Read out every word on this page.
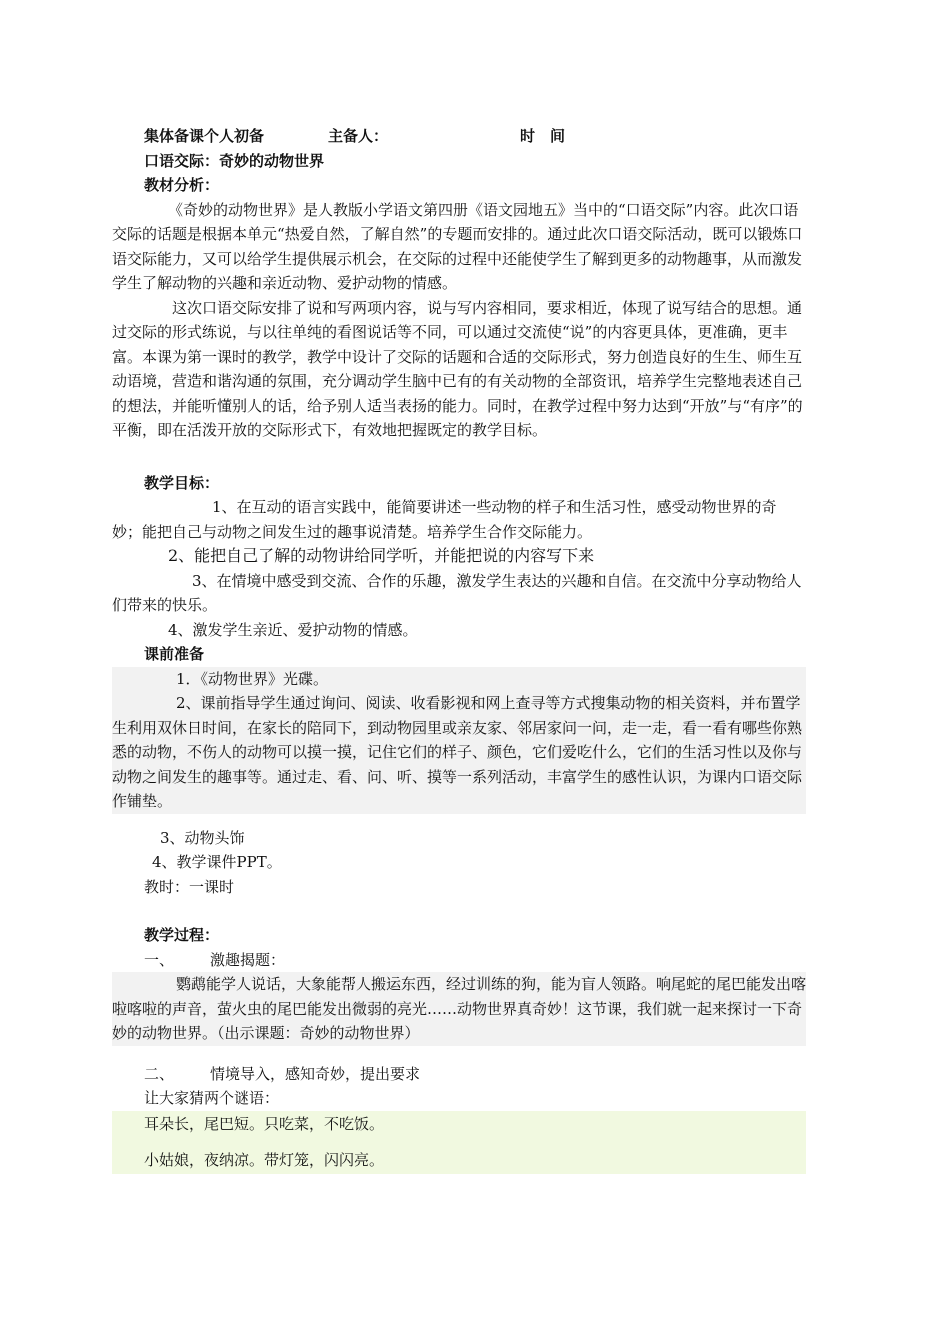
集体备课个人初备	主备人：	时　间

口语交际：奇妙的动物世界

教材分析：

《奇妙的动物世界》是人教版小学语文第四册《语文园地五》当中的“口语交际”内容。此次口语交际的话题是根据本单元“热爱自然，了解自然”的专题而安排的。通过此次口语交际活动，既可以锻炼口语交际能力，又可以给学生提供展示机会，在交际的过程中还能使学生了解到更多的动物趣事，从而激发学生了解动物的兴趣和亲近动物、爱护动物的情感。

这次口语交际安排了说和写两项内容，说与写内容相同，要求相近，体现了说写结合的思想。通过交际的形式练说，与以往单纯的看图说话等不同，可以通过交流使“说”的内容更具体，更准确，更丰富。本课为第一课时的教学，教学中设计了交际的话题和合适的交际形式，努力创造良好的生生、师生互动语境，营造和谐沟通的氛围，充分调动学生脑中已有的有关动物的全部资讯，培养学生完整地表述自己的想法，并能听懂别人的话，给予别人适当表扬的能力。同时，在教学过程中努力达到“开放”与“有序”的平衡，即在活泼开放的交际形式下，有效地把握既定的教学目标。

教学目标：

1、在互动的语言实践中，能简要讲述一些动物的样子和生活习性，感受动物世界的奇妙；能把自己与动物之间发生过的趣事说清楚。培养学生合作交际能力。

2、能把自己了解的动物讲给同学听，并能把说的内容写下来

3、在情境中感受到交流、合作的乐趣，激发学生表达的兴趣和自信。在交流中分享动物给人们带来的快乐。

4、激发学生亲近、爱护动物的情感。

课前准备

1．《动物世界》光碟。

2、课前指导学生通过询问、阅读、收看影视和网上查寻等方式搜集动物的相关资料，并布置学生利用双休日时间，在家长的陪同下，到动物园里或亲友家、邻居家问一问，走一走，看一看有哪些你熟悉的动物，不伤人的动物可以摸一摸，记住它们的样子、颜色，它们爱吃什么，它们的生活习性以及你与动物之间发生的趣事等。通过走、看、问、听、摸等一系列活动，丰富学生的感性认识，为课内口语交际作铺垫。

3、动物头饰

4、教学课件PPT。

教时：一课时

教学过程：

一、 激趣揭题：

鹦鹉能学人说话，大象能帮人搬运东西，经过训练的狗，能为盲人领路。响尾蛇的尾巴能发出喀啦喀啦的声音，萤火虫的尾巴能发出微弱的亮光……动物世界真奇妙！这节课，我们就一起来探讨一下奇妙的动物世界。（出示课题：奇妙的动物世界）

二、 情境导入，感知奇妙，提出要求

让大家猜两个谜语：

耳朵长，尾巴短。只吃菜，不吃饭。

小姑娘，夜纳凉。带灯笼，闪闪亮。
